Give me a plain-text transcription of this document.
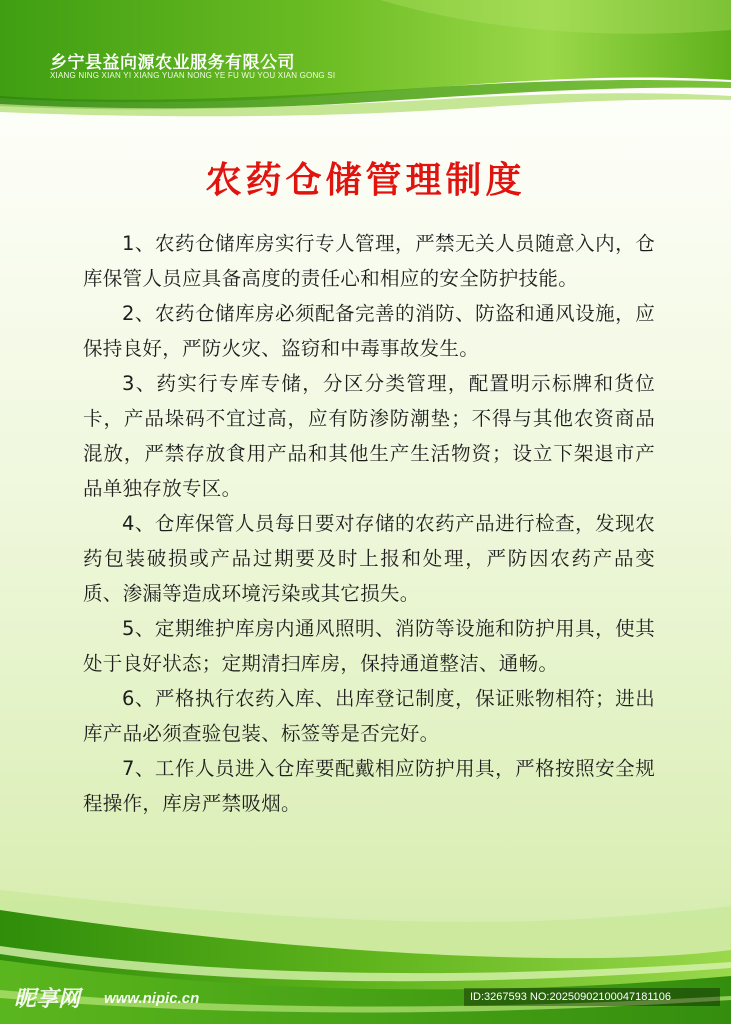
乡宁县益向源农业服务有限公司
XIANG NING XIAN YI XIANG YUAN NONG YE FU WU YOU XIAN GONG SI
农药仓储管理制度

1、农药仓储库房实行专人管理，严禁无关人员随意入内，仓库保管人员应具备高度的责任心和相应的安全防护技能。

2、农药仓储库房必须配备完善的消防、防盗和通风设施，应保持良好，严防火灾、盗窃和中毒事故发生。

3、药实行专库专储，分区分类管理，配置明示标牌和货位卡，产品垛码不宜过高，应有防渗防潮垫；不得与其他农资商品混放，严禁存放食用产品和其他生产生活物资；设立下架退市产品单独存放专区。

4、仓库保管人员每日要对存储的农药产品进行检查，发现农药包装破损或产品过期要及时上报和处理，严防因农药产品变质、渗漏等造成环境污染或其它损失。

5、定期维护库房内通风照明、消防等设施和防护用具，使其处于良好状态；定期清扫库房，保持通道整洁、通畅。

6、严格执行农药入库、出库登记制度，保证账物相符；进出库产品必须查验包装、标签等是否完好。

7、工作人员进入仓库要配戴相应防护用具，严格按照安全规程操作，库房严禁吸烟。

昵享网 www.nipic.cn	ID:3267593 NO:20250902100047181106
